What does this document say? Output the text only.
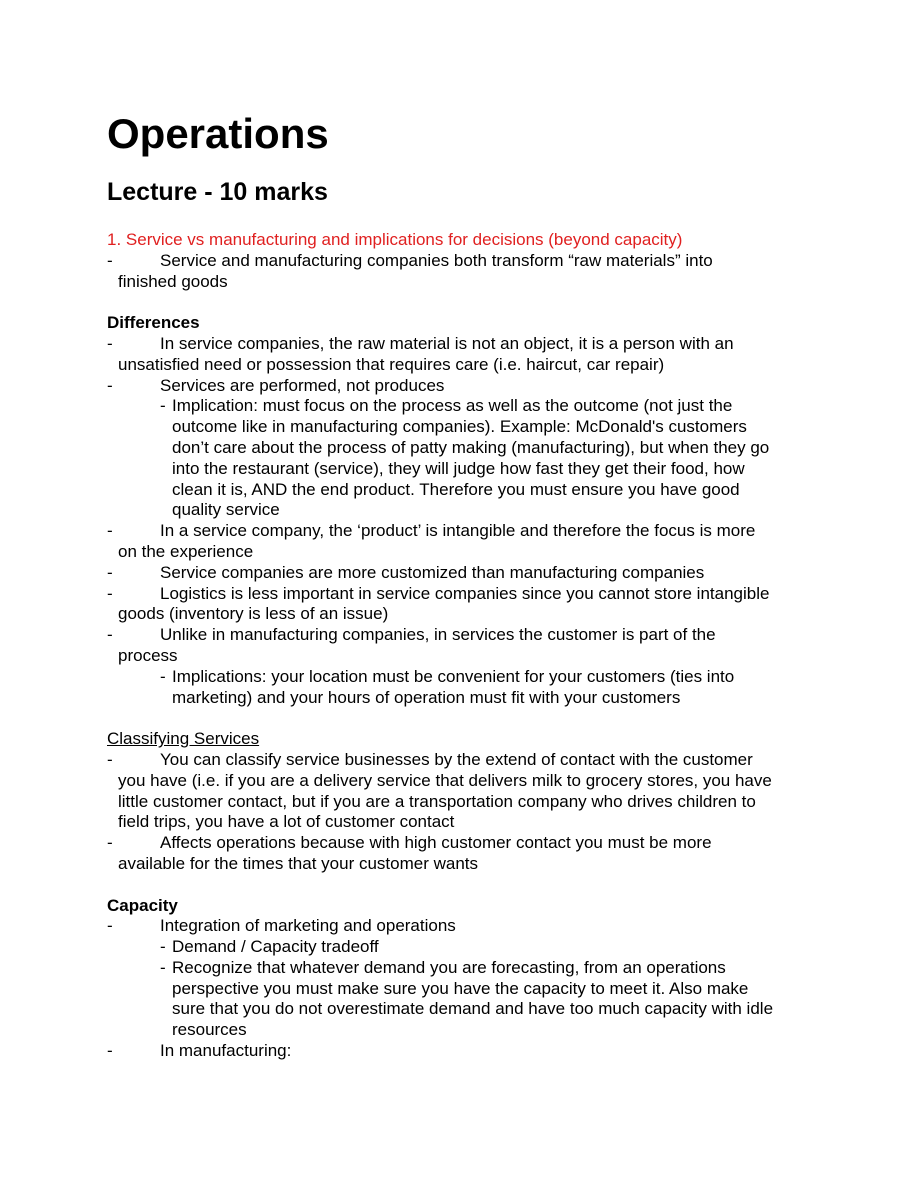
Operations
Lecture - 10 marks
1. Service vs manufacturing and implications for decisions (beyond capacity)
-	Service and manufacturing companies both transform “raw materials” into
finished goods
Differences
-	In service companies, the raw material is not an object, it is a person with an
unsatisfied need or possession that requires care (i.e. haircut, car repair)
-	Services are performed, not produces
- Implication: must focus on the process as well as the outcome (not just the
outcome like in manufacturing companies). Example: McDonald's customers
don’t care about the process of patty making (manufacturing), but when they go
into the restaurant (service), they will judge how fast they get their food, how
clean it is, AND the end product. Therefore you must ensure you have good
quality service
-	In a service company, the ‘product’ is intangible and therefore the focus is more
on the experience
-	Service companies are more customized than manufacturing companies
-	Logistics is less important in service companies since you cannot store intangible
goods (inventory is less of an issue)
-	Unlike in manufacturing companies, in services the customer is part of the
process
- Implications: your location must be convenient for your customers (ties into
marketing) and your hours of operation must fit with your customers
Classifying Services
-	You can classify service businesses by the extend of contact with the customer
you have (i.e. if you are a delivery service that delivers milk to grocery stores, you have
little customer contact, but if you are a transportation company who drives children to
field trips, you have a lot of customer contact
-	Affects operations because with high customer contact you must be more
available for the times that your customer wants
Capacity
-	Integration of marketing and operations
- Demand / Capacity tradeoff
- Recognize that whatever demand you are forecasting, from an operations
perspective you must make sure you have the capacity to meet it. Also make
sure that you do not overestimate demand and have too much capacity with idle
resources
-	In manufacturing:
